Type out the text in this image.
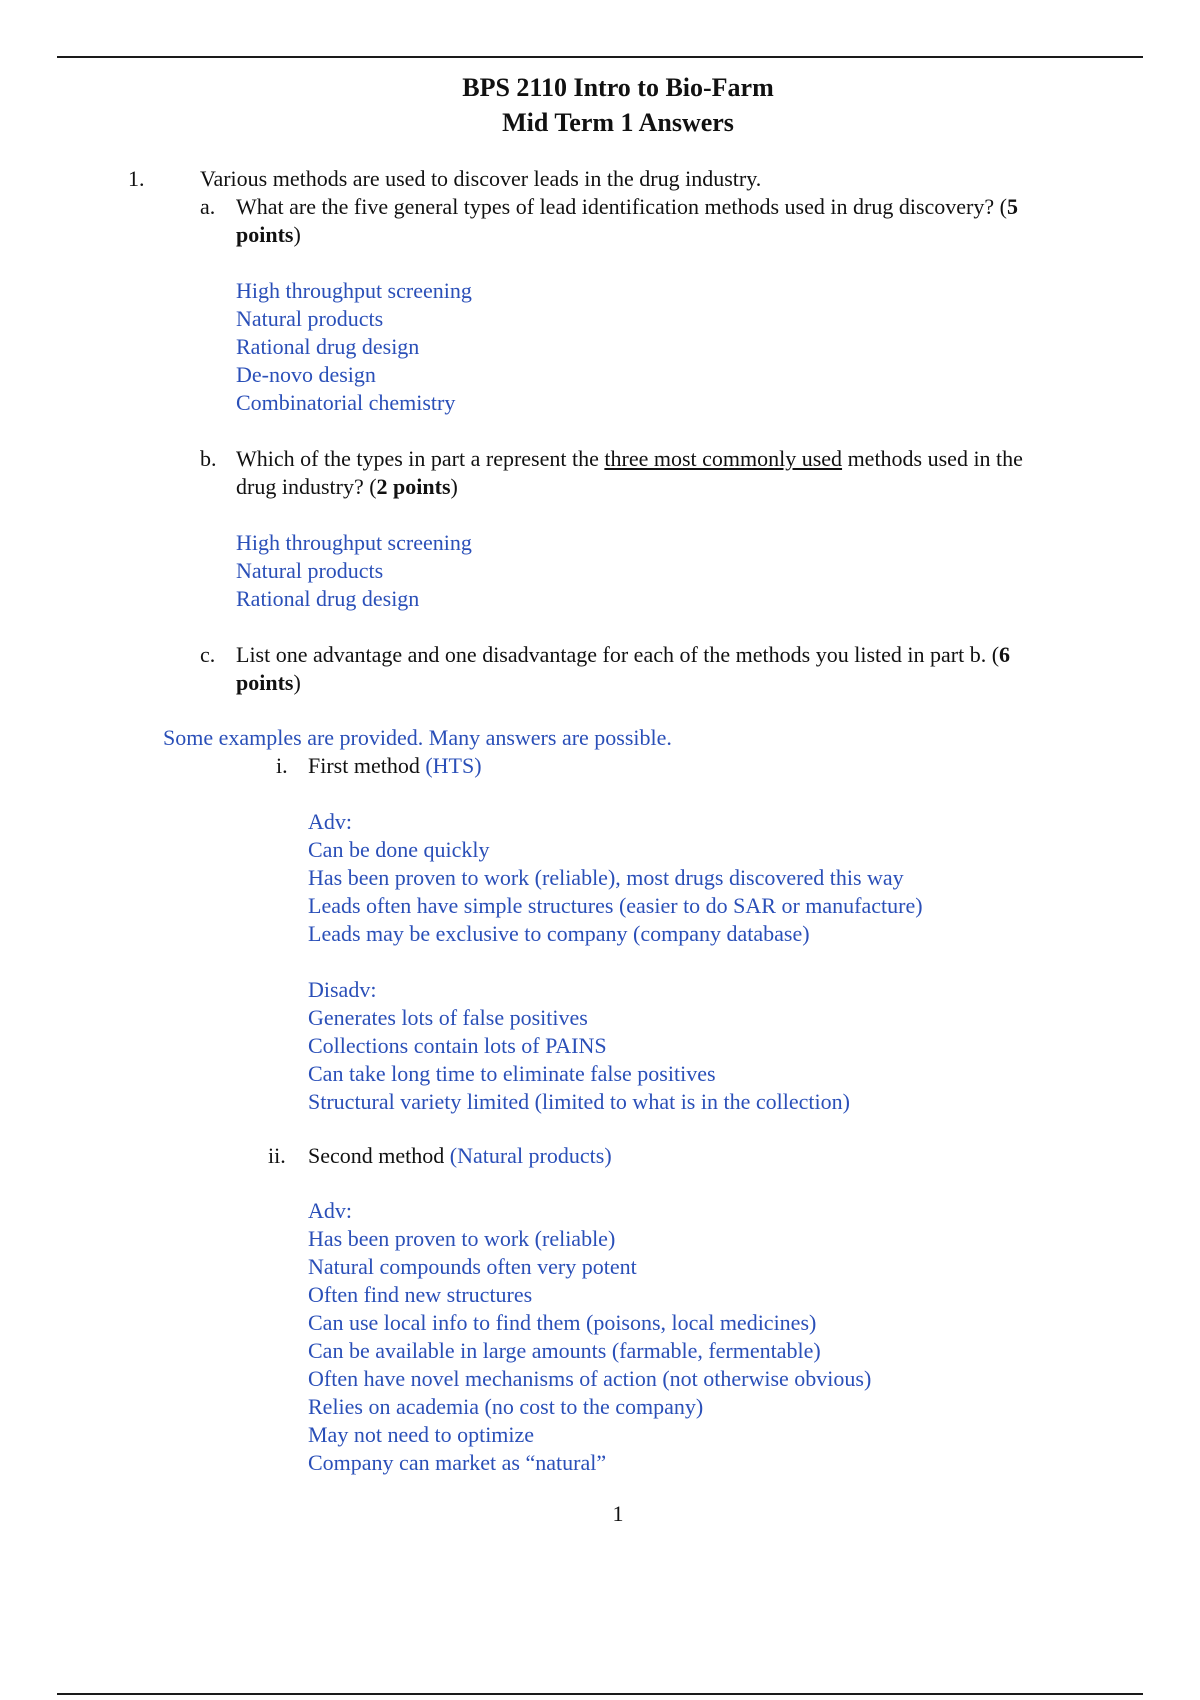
BPS 2110 Intro to Bio-Farm
Mid Term 1 Answers
1.	Various methods are used to discover leads in the drug industry.
a. What are the five general types of lead identification methods used in drug discovery? (5
points)
High throughput screening
Natural products
Rational drug design
De-novo design
Combinatorial chemistry
b. Which of the types in part a represent the three most commonly used methods used in the
drug industry? (2 points)
High throughput screening
Natural products
Rational drug design
c. List one advantage and one disadvantage for each of the methods you listed in part b. (6
points)
Some examples are provided. Many answers are possible.
i. First method (HTS)
Adv:
Can be done quickly
Has been proven to work (reliable), most drugs discovered this way
Leads often have simple structures (easier to do SAR or manufacture)
Leads may be exclusive to company (company database)
Disadv:
Generates lots of false positives
Collections contain lots of PAINS
Can take long time to eliminate false positives
Structural variety limited (limited to what is in the collection)
ii. Second method (Natural products)
Adv:
Has been proven to work (reliable)
Natural compounds often very potent
Often find new structures
Can use local info to find them (poisons, local medicines)
Can be available in large amounts (farmable, fermentable)
Often have novel mechanisms of action (not otherwise obvious)
Relies on academia (no cost to the company)
May not need to optimize
Company can market as “natural”
1
